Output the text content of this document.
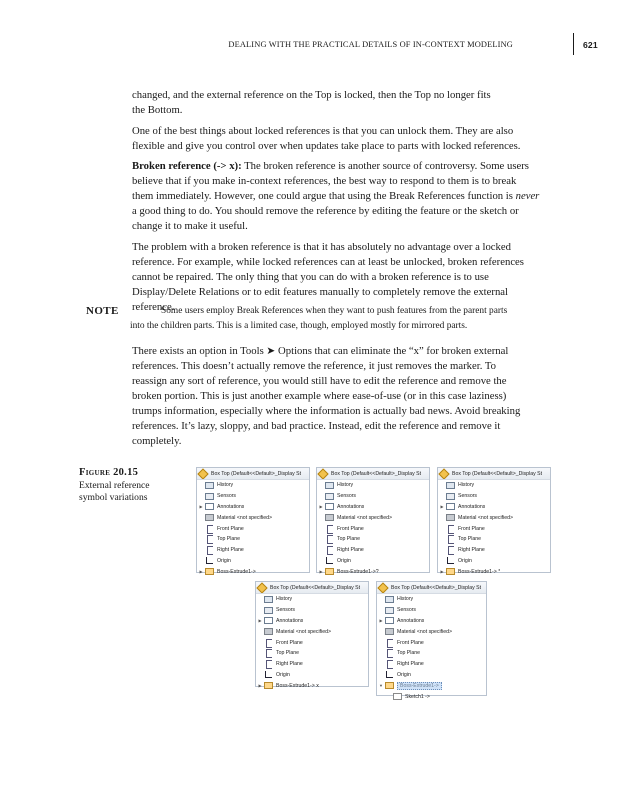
DEALING WITH THE PRACTICAL DETAILS OF IN-CONTEXT MODELING	621

changed, and the external reference on the Top is locked, then the Top no longer fits
the Bottom.

One of the best things about locked references is that you can unlock them. They are also
flexible and give you control over when updates take place to parts with locked references.

Broken reference (-> x): The broken reference is another source of controversy. Some users
believe that if you make in-context references, the best way to respond to them is to break
them immediately. However, one could argue that using the Break References function is never
a good thing to do. You should remove the reference by editing the feature or the sketch or
change it to make it useful.

The problem with a broken reference is that it has absolutely no advantage over a locked
reference. For example, while locked references can at least be unlocked, broken references
cannot be repaired. The only thing that you can do with a broken reference is to use
Display/Delete Relations or to edit features manually to completely remove the external
reference.

NOTE	Some users employ Break References when they want to push features from the parent parts
into the children parts. This is a limited case, though, employed mostly for mirrored parts.

There exists an option in Tools ➤ Options that can eliminate the “x” for broken external
references. This doesn’t actually remove the reference, it just removes the marker. To
reassign any sort of reference, you would still have to edit the reference and remove the
broken portion. This is just another example where ease-of-use (or in this case laziness)
trumps information, especially where the information is actually bad news. Avoid breaking
references. It’s lazy, sloppy, and bad practice. Instead, edit the reference and remove it
completely.

Figure 20.15
External reference
symbol variations
Box Top (Default<<Default>_Display St
History
Sensors
▶	Annotations
Material <not specified>
Front Plane
Top Plane
Right Plane
Origin
▶	Boss-Extrude1->
Box Top (Default<<Default>_Display St
History
Sensors
▶	Annotations
Material <not specified>
Front Plane
Top Plane
Right Plane
Origin
▶	Boss-Extrude1->?
Box Top (Default<<Default>_Display St
History
Sensors
▶	Annotations
Material <not specified>
Front Plane
Top Plane
Right Plane
Origin
▶	Boss-Extrude1-> *
Box Top (Default<<Default>_Display St
History
Sensors
▶	Annotations
Material <not specified>
Front Plane
Top Plane
Right Plane
Origin
▶	Boss-Extrude1-> x
Box Top (Default<<Default>_Display St
History
Sensors
▶	Annotations
Material <not specified>
Front Plane
Top Plane
Right Plane
Origin
▼	Boss-Extrude1->
Sketch1 ->
